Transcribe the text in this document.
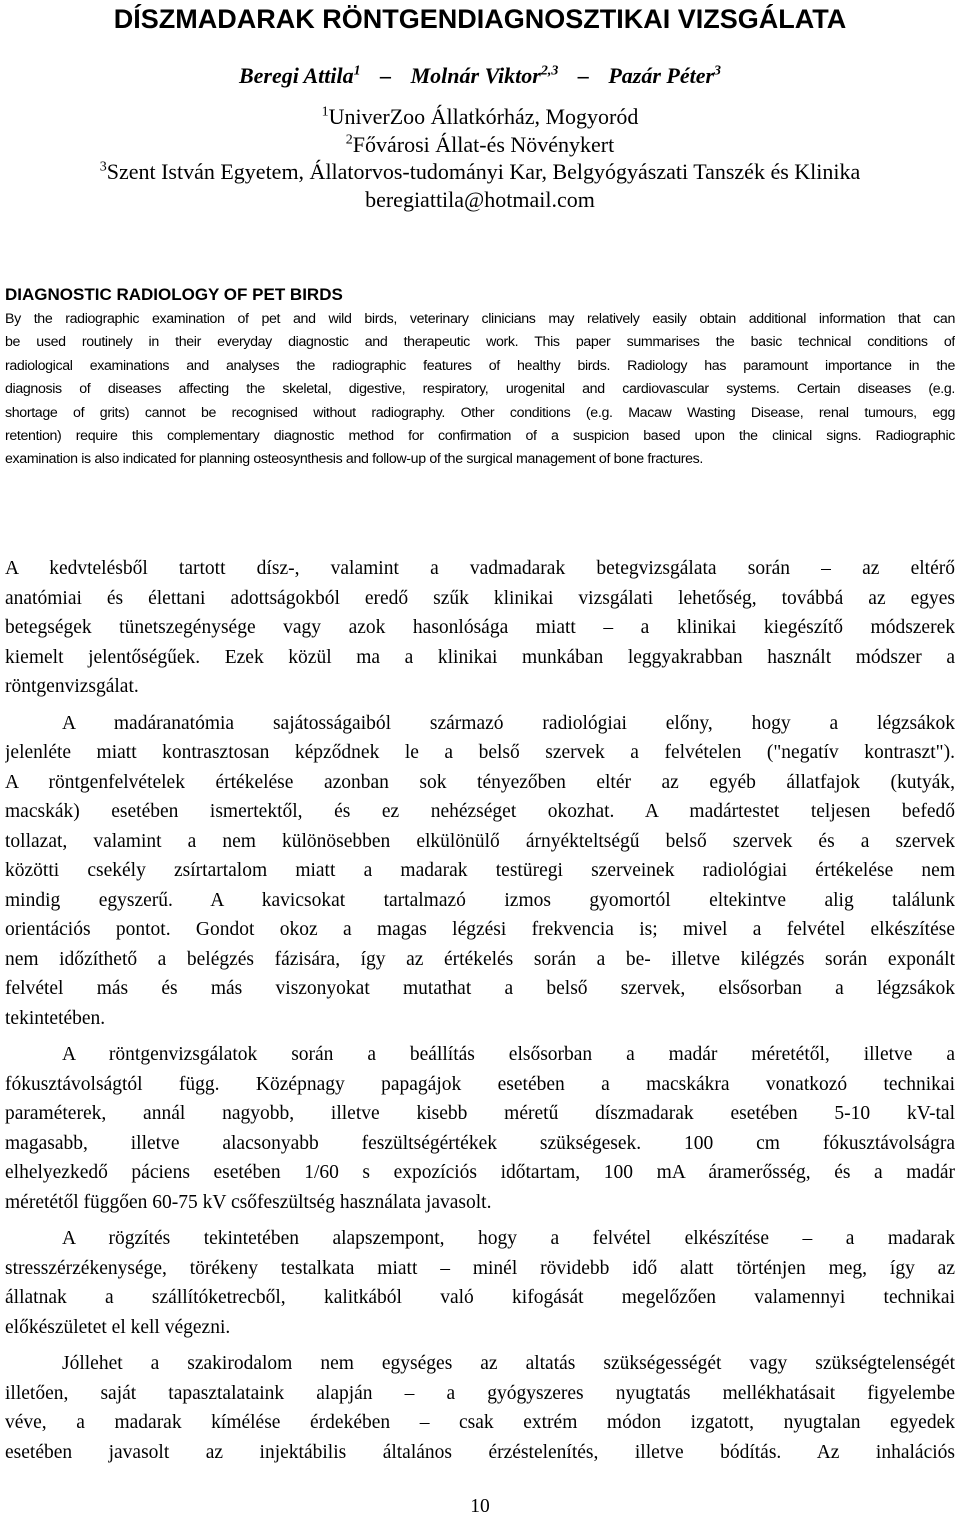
DÍSZMADARAK RÖNTGENDIAGNOSZTIKAI VIZSGÁLATA
Beregi Attila$^1$ – Molnár Viktor$^{2,3}$ – Pazár Péter$^3$
$^1$UniverZoo Állatkórház, Mogyoród
$^2$Fővárosi Állat-és Növénykert
$^3$Szent István Egyetem, Állatorvos-tudományi Kar, Belgyógyászati Tanszék és Klinika
beregiattila@hotmail.com
DIAGNOSTIC RADIOLOGY OF PET BIRDS
By the radiographic examination of pet and wild birds, veterinary clinicians may relatively easily obtain additional information that can
be used routinely in their everyday diagnostic and therapeutic work. This paper summarises the basic technical conditions of
radiological examinations and analyses the radiographic features of healthy birds. Radiology has paramount importance in the
diagnosis of diseases affecting the skeletal, digestive, respiratory, urogenital and cardiovascular systems. Certain diseases (e.g.
shortage of grits) cannot be recognised without radiography. Other conditions (e.g. Macaw Wasting Disease, renal tumours, egg
retention) require this complementary diagnostic method for confirmation of a suspicion based upon the clinical signs. Radiographic
examination is also indicated for planning osteosynthesis and follow-up of the surgical management of bone fractures.
A kedvtelésből tartott dísz-, valamint a vadmadarak betegvizsgálata során – az eltérő
anatómiai és élettani adottságokból eredő szűk klinikai vizsgálati lehetőség, továbbá az egyes
betegségek tünetszegénysége vagy azok hasonlósága miatt – a klinikai kiegészítő módszerek
kiemelt jelentőségűek. Ezek közül ma a klinikai munkában leggyakrabban használt módszer a
röntgenvizsgálat.
A madáranatómia sajátosságaiból származó radiológiai előny, hogy a légzsákok
jelenléte miatt kontrasztosan képződnek le a belső szervek a felvételen ("negatív kontraszt").
A röntgenfelvételek értékelése azonban sok tényezőben eltér az egyéb állatfajok (kutyák,
macskák) esetében ismertektől, és ez nehézséget okozhat. A madártestet teljesen befedő
tollazat, valamint a nem különösebben elkülönülő árnyékteltségű belső szervek és a szervek
közötti csekély zsírtartalom miatt a madarak testüregi szerveinek radiológiai értékelése nem
mindig egyszerű. A kavicsokat tartalmazó izmos gyomortól eltekintve alig találunk
orientációs pontot. Gondot okoz a magas légzési frekvencia is; mivel a felvétel elkészítése
nem időzíthető a belégzés fázisára, így az értékelés során a be- illetve kilégzés során exponált
felvétel más és más viszonyokat mutathat a belső szervek, elsősorban a légzsákok
tekintetében.
A röntgenvizsgálatok során a beállítás elsősorban a madár méretétől, illetve a
fókusztávolságtól függ. Középnagy papagájok esetében a macskákra vonatkozó technikai
paraméterek, annál nagyobb, illetve kisebb méretű díszmadarak esetében 5-10 kV-tal
magasabb, illetve alacsonyabb feszültségértékek szükségesek. 100 cm fókusztávolságra
elhelyezkedő páciens esetében 1/60 s expozíciós időtartam, 100 mA áramerősség, és a madár
méretétől függően 60-75 kV csőfeszültség használata javasolt.
A rögzítés tekintetében alapszempont, hogy a felvétel elkészítése – a madarak
stresszérzékenysége, törékeny testalkata miatt – minél rövidebb idő alatt történjen meg, így az
állatnak a szállítóketrecből, kalitkából való kifogását megelőzően valamennyi technikai
előkészületet el kell végezni.
Jóllehet a szakirodalom nem egységes az altatás szükségességét vagy szükségtelenségét
illetően, saját tapasztalataink alapján – a gyógyszeres nyugtatás mellékhatásait figyelembe
véve, a madarak kímélése érdekében – csak extrém módon izgatott, nyugtalan egyedek
esetében javasolt az injektábilis általános érzéstelenítés, illetve bódítás. Az inhalációs
10
